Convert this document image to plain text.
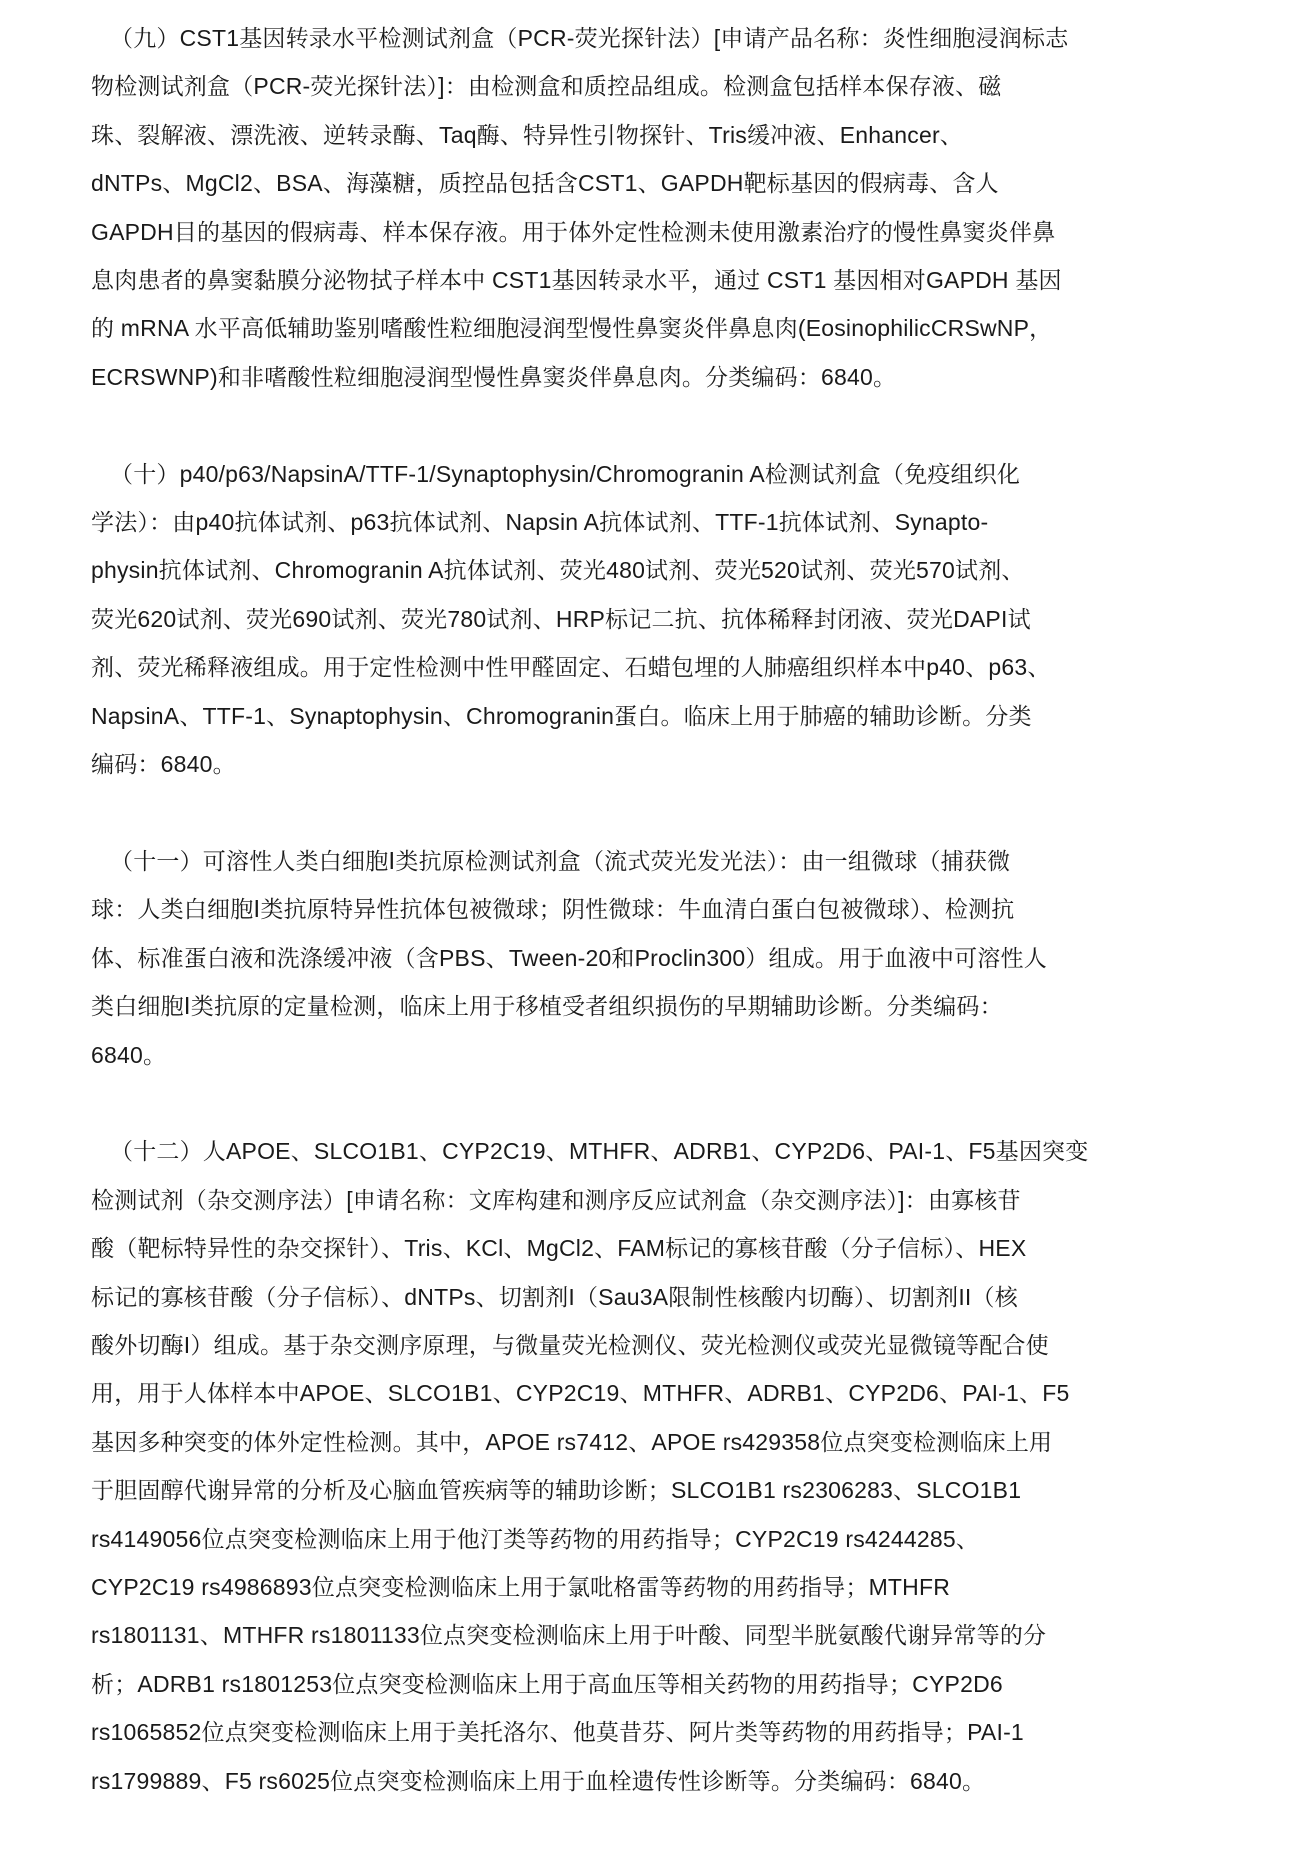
（九）CST1基因转录水平检测试剂盒（PCR-荧光探针法）[申请产品名称：炎性细胞浸润标志
物检测试剂盒（PCR-荧光探针法）]：由检测盒和质控品组成。检测盒包括样本保存液、磁
珠、裂解液、漂洗液、逆转录酶、Taq酶、特异性引物探针、Tris缓冲液、Enhancer、
dNTPs、MgCl2、BSA、海藻糖，质控品包括含CST1、GAPDH靶标基因的假病毒、含人
GAPDH目的基因的假病毒、样本保存液。用于体外定性检测未使用激素治疗的慢性鼻窦炎伴鼻
息肉患者的鼻窦黏膜分泌物拭子样本中 CST1基因转录水平，通过 CST1 基因相对GAPDH 基因
的 mRNA 水平高低辅助鉴别嗜酸性粒细胞浸润型慢性鼻窦炎伴鼻息肉(EosinophilicCRSwNP，
ECRSWNP)和非嗜酸性粒细胞浸润型慢性鼻窦炎伴鼻息肉。分类编码：6840。
（十）p40/p63/NapsinA/TTF-1/Synaptophysin/Chromogranin A检测试剂盒（免疫组织化
学法）：由p40抗体试剂、p63抗体试剂、Napsin A抗体试剂、TTF-1抗体试剂、Synapto-
physin抗体试剂、Chromogranin A抗体试剂、荧光480试剂、荧光520试剂、荧光570试剂、
荧光620试剂、荧光690试剂、荧光780试剂、HRP标记二抗、抗体稀释封闭液、荧光DAPI试
剂、荧光稀释液组成。用于定性检测中性甲醛固定、石蜡包埋的人肺癌组织样本中p40、p63、
NapsinA、TTF-1、Synaptophysin、Chromogranin蛋白。临床上用于肺癌的辅助诊断。分类
编码：6840。
（十一）可溶性人类白细胞Ⅰ类抗原检测试剂盒（流式荧光发光法）：由一组微球（捕获微
球：人类白细胞Ⅰ类抗原特异性抗体包被微球；阴性微球：牛血清白蛋白包被微球）、检测抗
体、标准蛋白液和洗涤缓冲液（含PBS、Tween-20和Proclin300）组成。用于血液中可溶性人
类白细胞Ⅰ类抗原的定量检测，临床上用于移植受者组织损伤的早期辅助诊断。分类编码：
6840。
（十二）人APOE、SLCO1B1、CYP2C19、MTHFR、ADRB1、CYP2D6、PAI-1、F5基因突变
检测试剂（杂交测序法）[申请名称：文库构建和测序反应试剂盒（杂交测序法）]：由寡核苷
酸（靶标特异性的杂交探针）、Tris、KCl、MgCl2、FAM标记的寡核苷酸（分子信标）、HEX
标记的寡核苷酸（分子信标）、dNTPs、切割剂I（Sau3A限制性核酸内切酶）、切割剂II（核
酸外切酶I）组成。基于杂交测序原理，与微量荧光检测仪、荧光检测仪或荧光显微镜等配合使
用，用于人体样本中APOE、SLCO1B1、CYP2C19、MTHFR、ADRB1、CYP2D6、PAI-1、F5
基因多种突变的体外定性检测。其中，APOE rs7412、APOE rs429358位点突变检测临床上用
于胆固醇代谢异常的分析及心脑血管疾病等的辅助诊断；SLCO1B1 rs2306283、SLCO1B1
rs4149056位点突变检测临床上用于他汀类等药物的用药指导；CYP2C19 rs4244285、
CYP2C19 rs4986893位点突变检测临床上用于氯吡格雷等药物的用药指导；MTHFR
rs1801131、MTHFR rs1801133位点突变检测临床上用于叶酸、同型半胱氨酸代谢异常等的分
析；ADRB1 rs1801253位点突变检测临床上用于高血压等相关药物的用药指导；CYP2D6
rs1065852位点突变检测临床上用于美托洛尔、他莫昔芬、阿片类等药物的用药指导；PAI-1
rs1799889、F5 rs6025位点突变检测临床上用于血栓遗传性诊断等。分类编码：6840。
